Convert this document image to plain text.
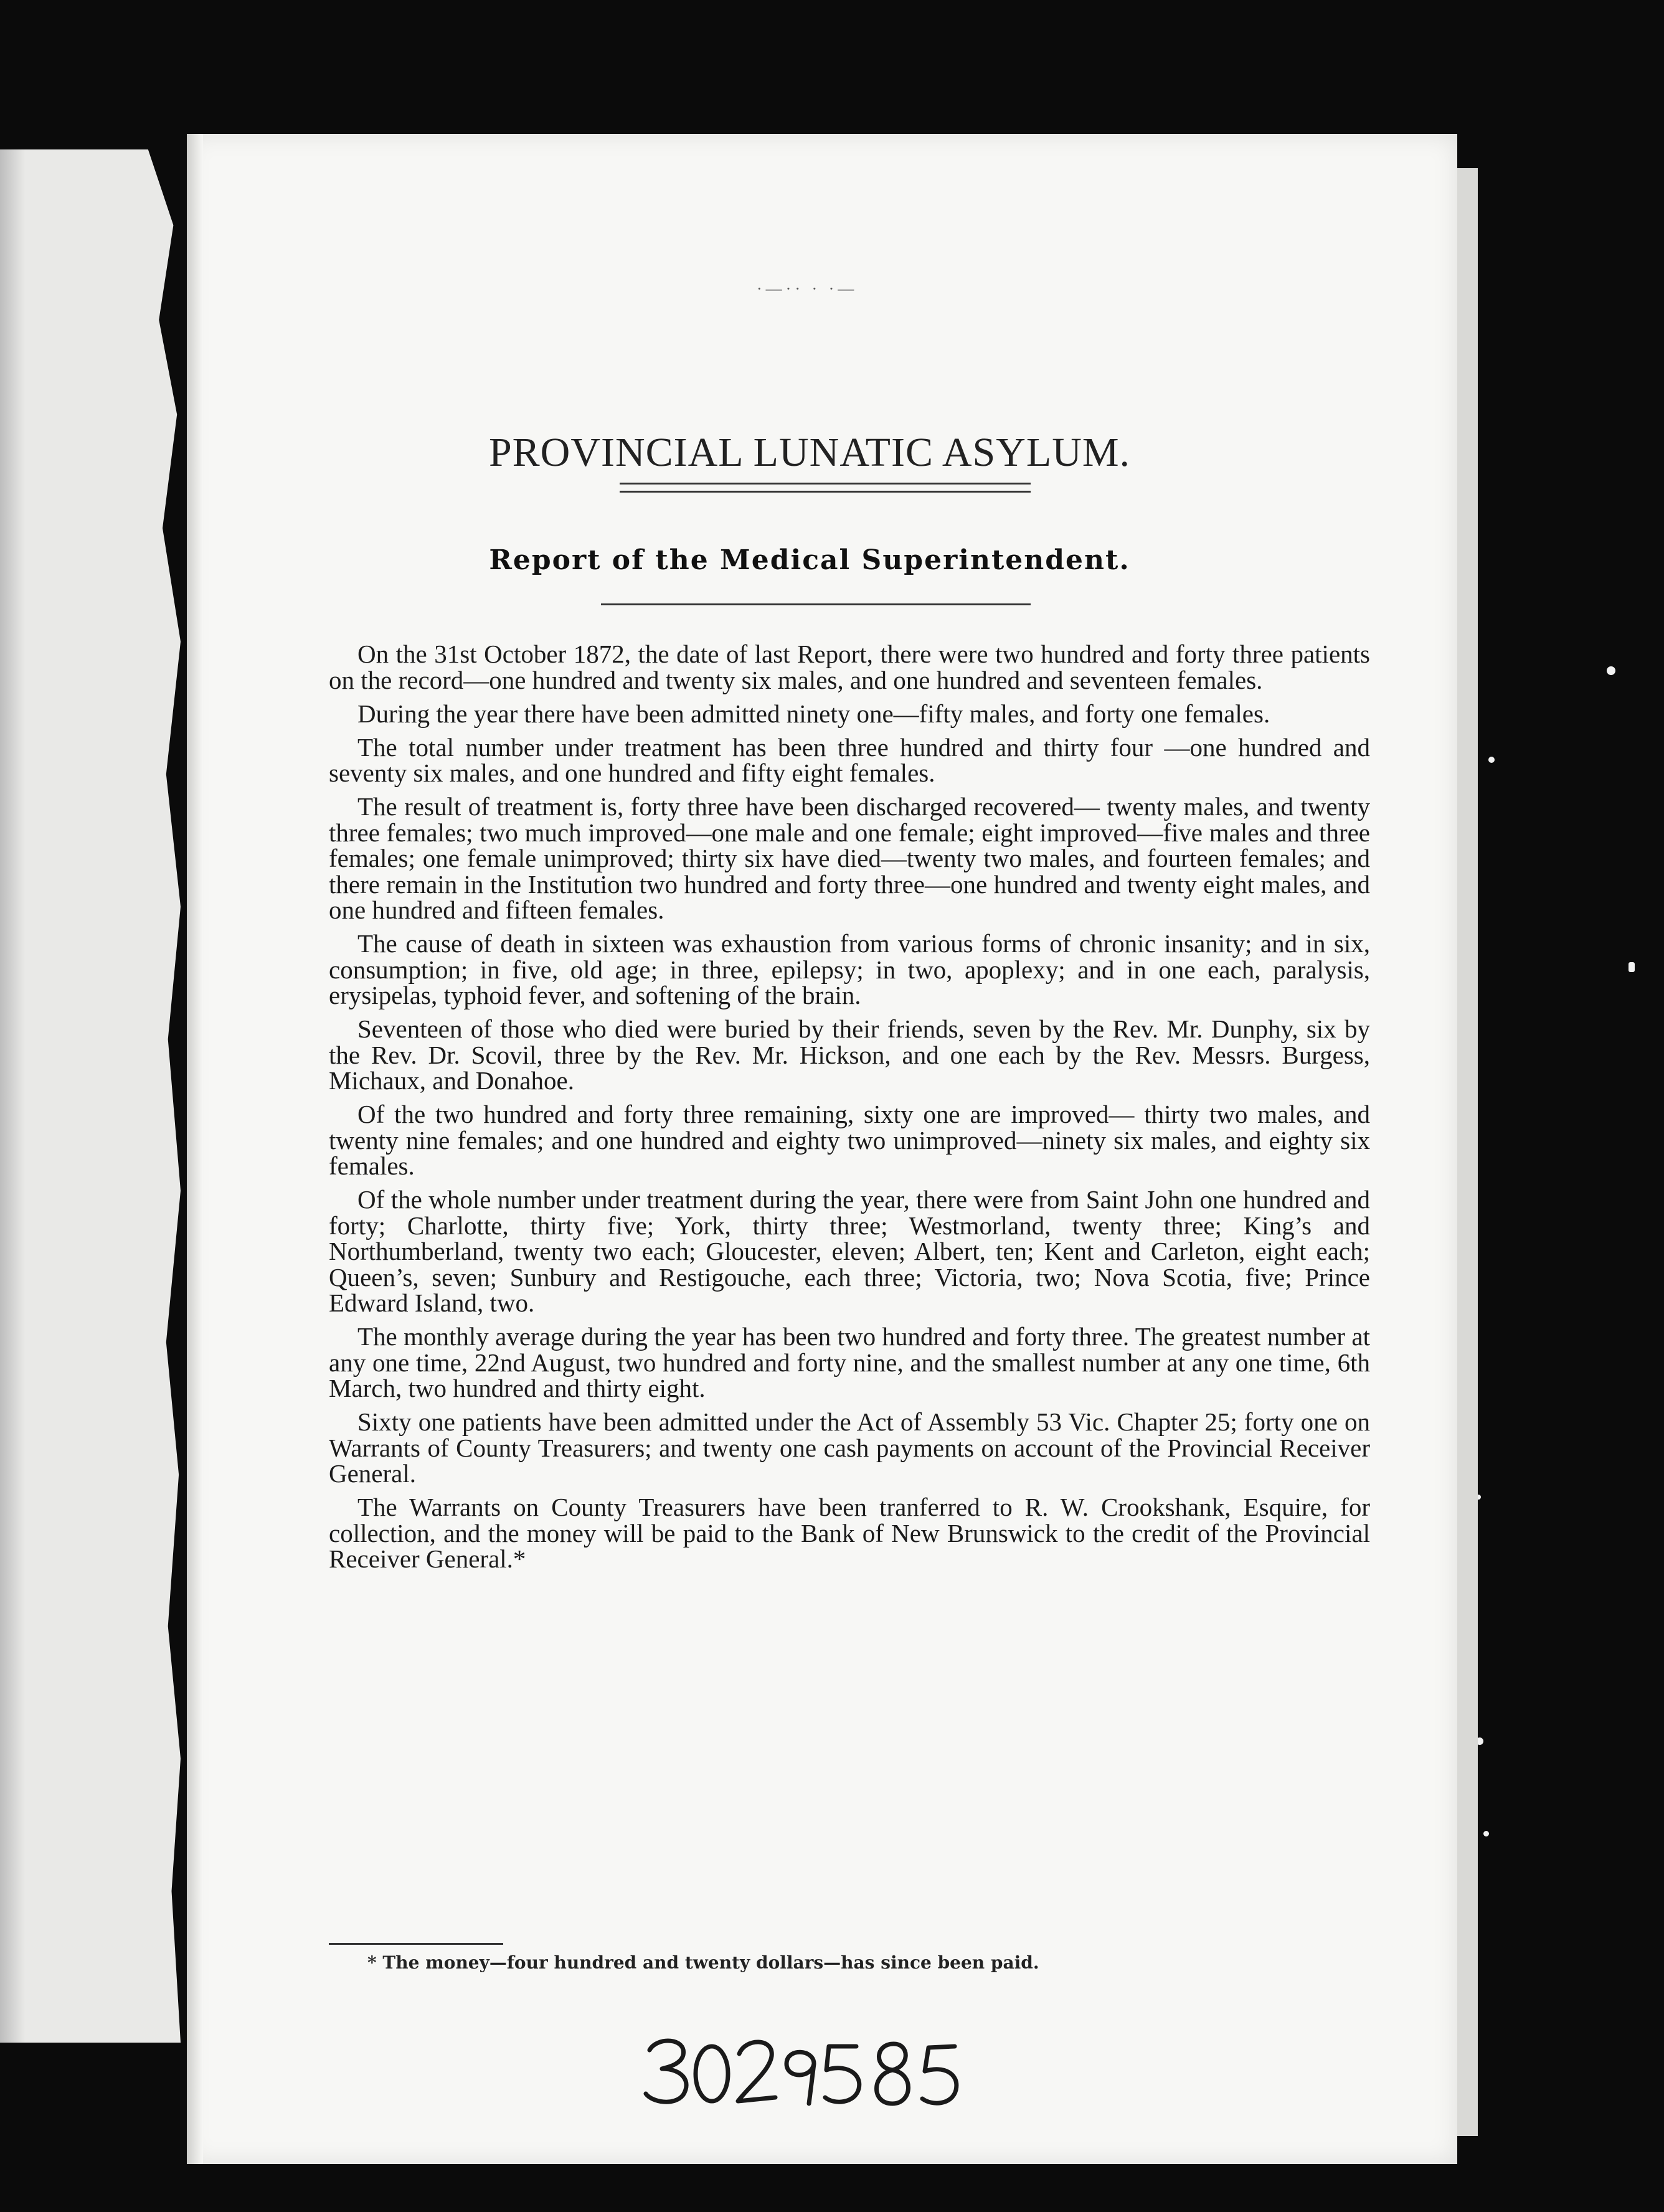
·—·· · ·—
PROVINCIAL LUNATIC ASYLUM.
Report of the Medical Superintendent.

On the 31st October 1872, the date of last Report, there were two hundred and forty three patients on the record—one hundred and twenty six males, and one hundred and seventeen females.

During the year there have been admitted ninety one—fifty males, and forty one females.

The total number under treatment has been three hundred and thirty four —one hundred and seventy six males, and one hundred and fifty eight females.

The result of treatment is, forty three have been discharged recovered— twenty males, and twenty three females; two much improved—one male and one female; eight improved—five males and three females; one female unimproved; thirty six have died—twenty two males, and fourteen females; and there remain in the Institution two hundred and forty three—one hundred and twenty eight males, and one hundred and fifteen females.

The cause of death in sixteen was exhaustion from various forms of chronic insanity; and in six, consumption; in five, old age; in three, epilepsy; in two, apoplexy; and in one each, paralysis, erysipelas, typhoid fever, and softening of the brain.

Seventeen of those who died were buried by their friends, seven by the Rev. Mr. Dunphy, six by the Rev. Dr. Scovil, three by the Rev. Mr. Hickson, and one each by the Rev. Messrs. Burgess, Michaux, and Donahoe.

Of the two hundred and forty three remaining, sixty one are improved— thirty two males, and twenty nine females; and one hundred and eighty two unimproved—ninety six males, and eighty six females.

Of the whole number under treatment during the year, there were from Saint John one hundred and forty; Charlotte, thirty five; York, thirty three; Westmorland, twenty three; King’s and Northumberland, twenty two each; Gloucester, eleven; Albert, ten; Kent and Carleton, eight each; Queen’s, seven; Sunbury and Restigouche, each three; Victoria, two; Nova Scotia, five; Prince Edward Island, two.

The monthly average during the year has been two hundred and forty three. The greatest number at any one time, 22nd August, two hundred and forty nine, and the smallest number at any one time, 6th March, two hundred and thirty eight.

Sixty one patients have been admitted under the Act of Assembly 53 Vic. Chapter 25; forty one on Warrants of County Treasurers; and twenty one cash payments on account of the Provincial Receiver General.

The Warrants on County Treasurers have been tranferred to R. W. Crookshank, Esquire, for collection, and the money will be paid to the Bank of New Brunswick to the credit of the Provincial Receiver General.*

* The money—four hundred and twenty dollars—has since been paid.
